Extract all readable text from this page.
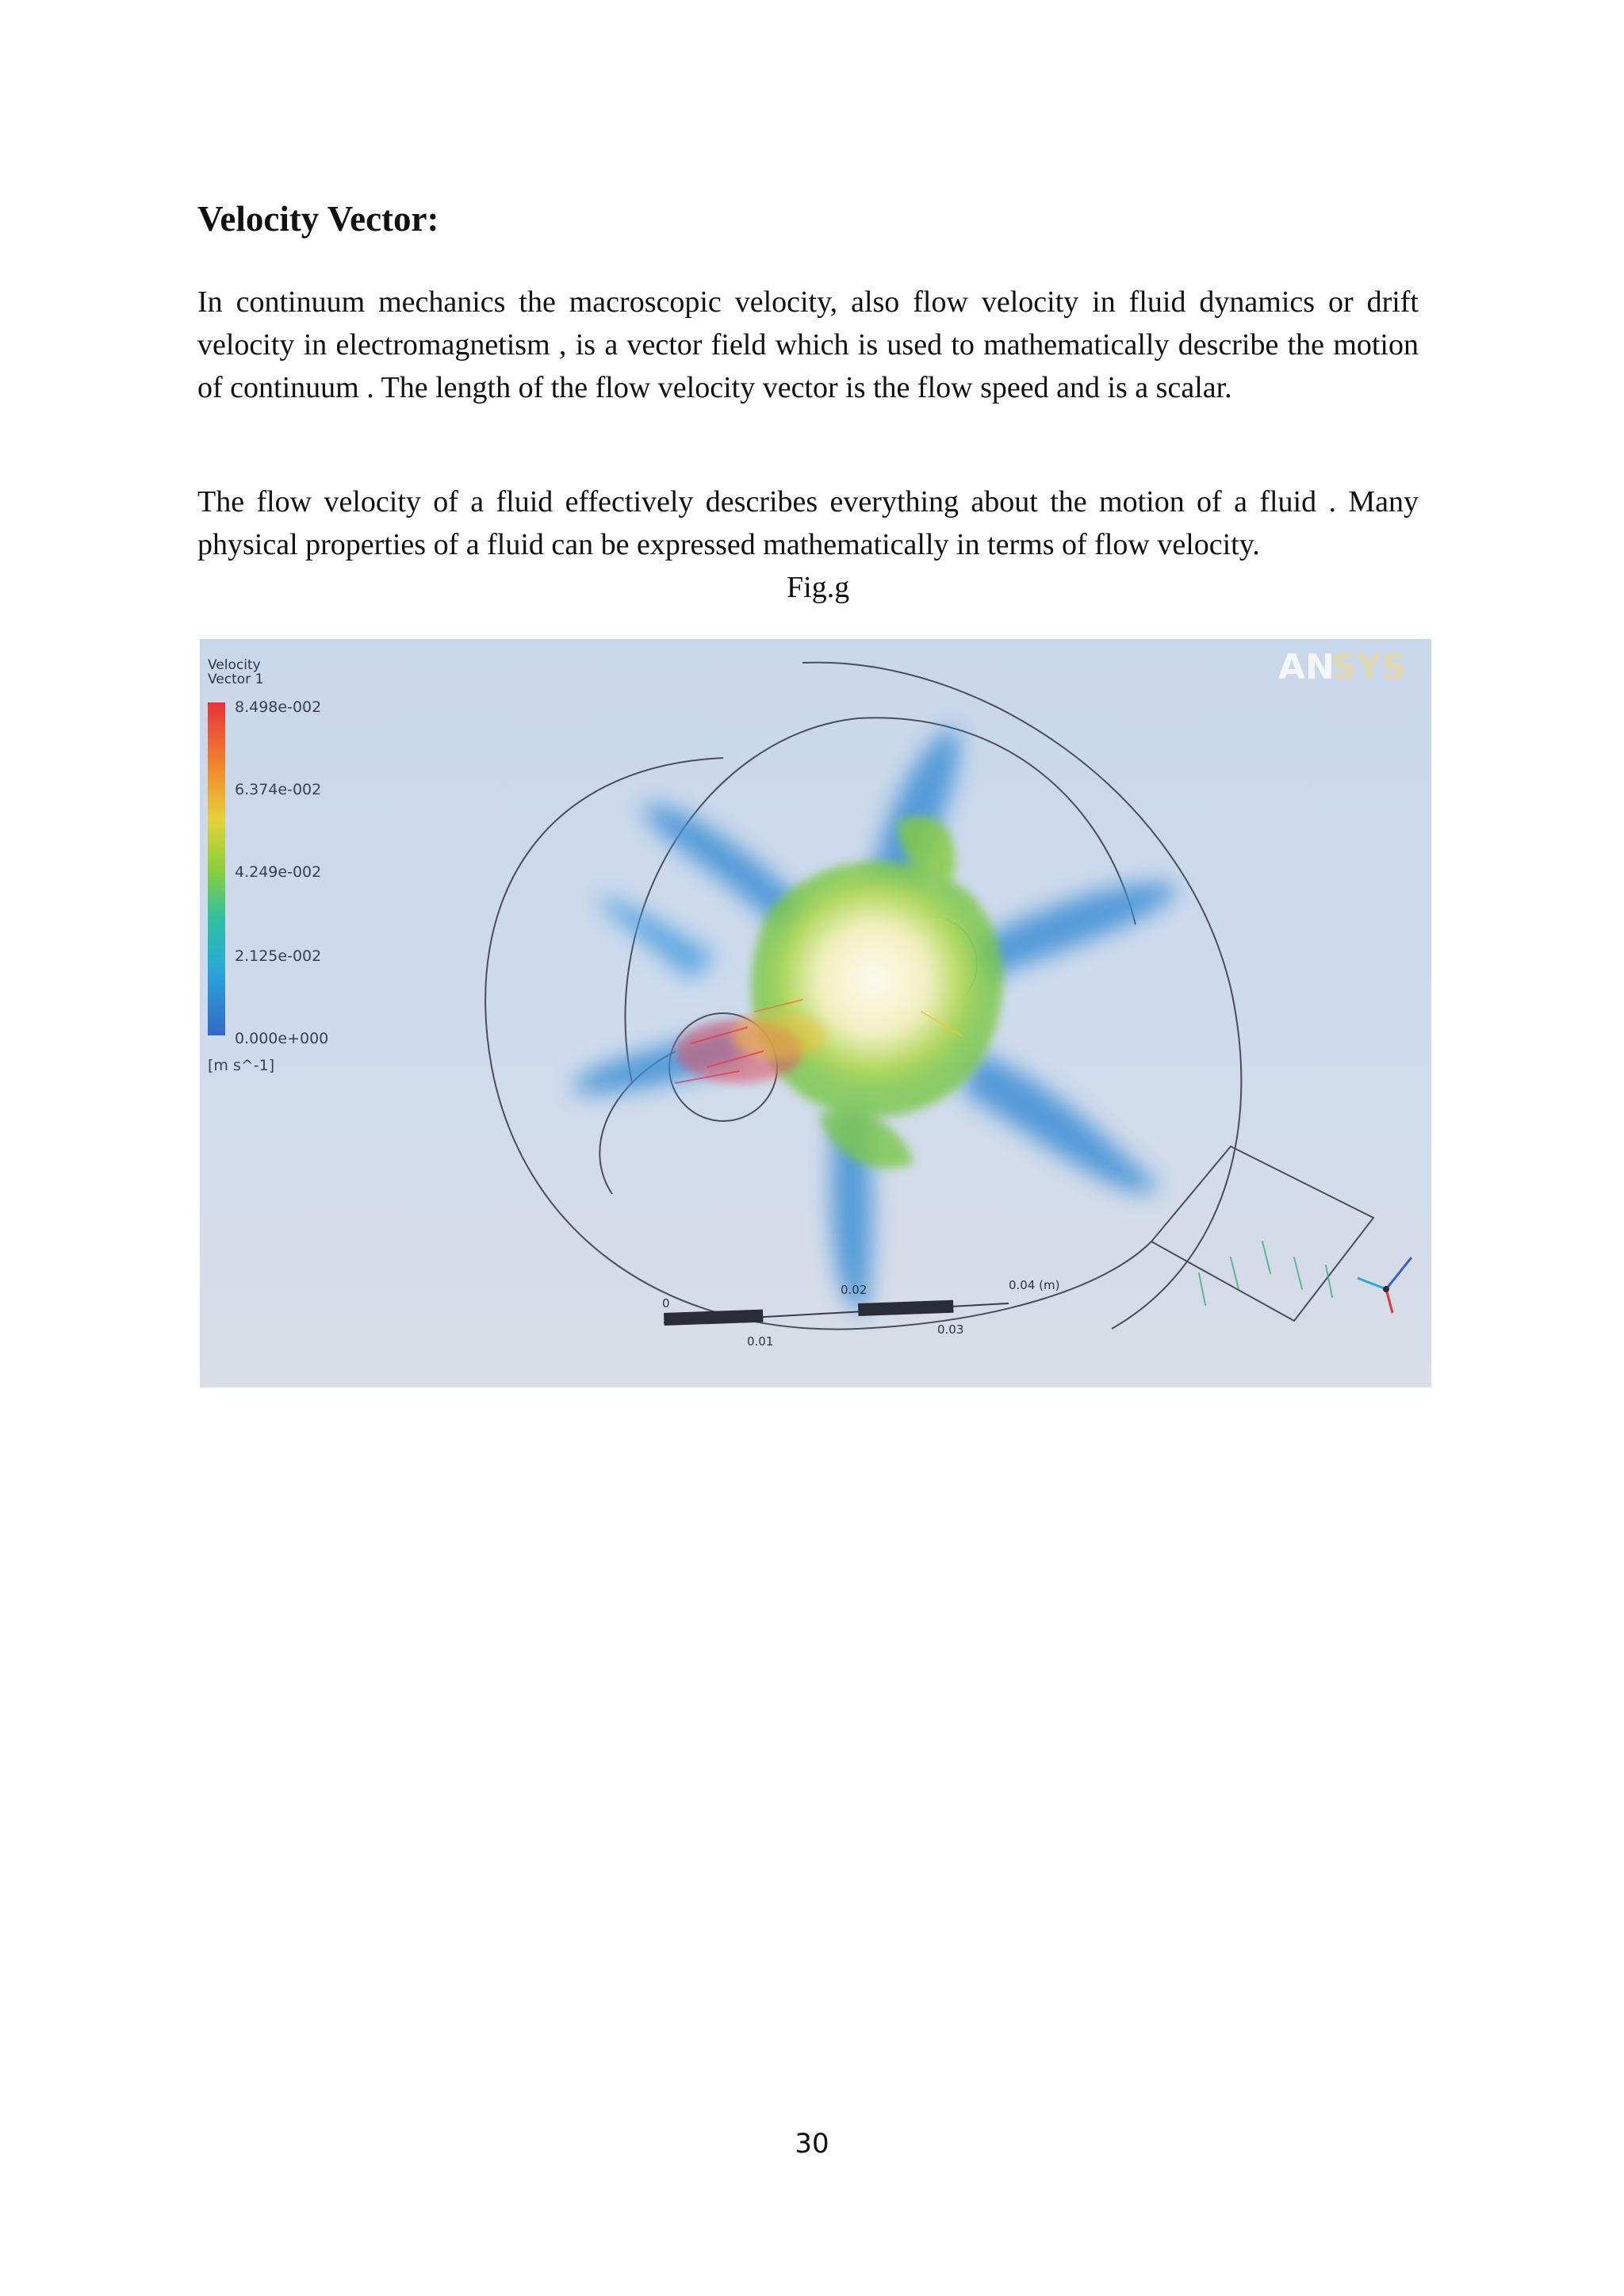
Velocity Vector:

In continuum mechanics the macroscopic velocity, also flow velocity in fluid dynamics or drift velocity in electromagnetism , is a vector field which is used to mathematically describe the motion of continuum . The length of the flow velocity vector is the flow speed and is a scalar.

The flow velocity of a fluid effectively describes everything about the motion of a fluid . Many physical properties of a fluid can be expressed mathematically in terms of flow velocity.

Fig.g
Velocity
Vector 1
8.498e-002
6.374e-002
4.249e-002
2.125e-002
0.000e+000
[m s^-1]
AN
SYS
0
0.01
0.02
0.03
0.04 (m)
30
